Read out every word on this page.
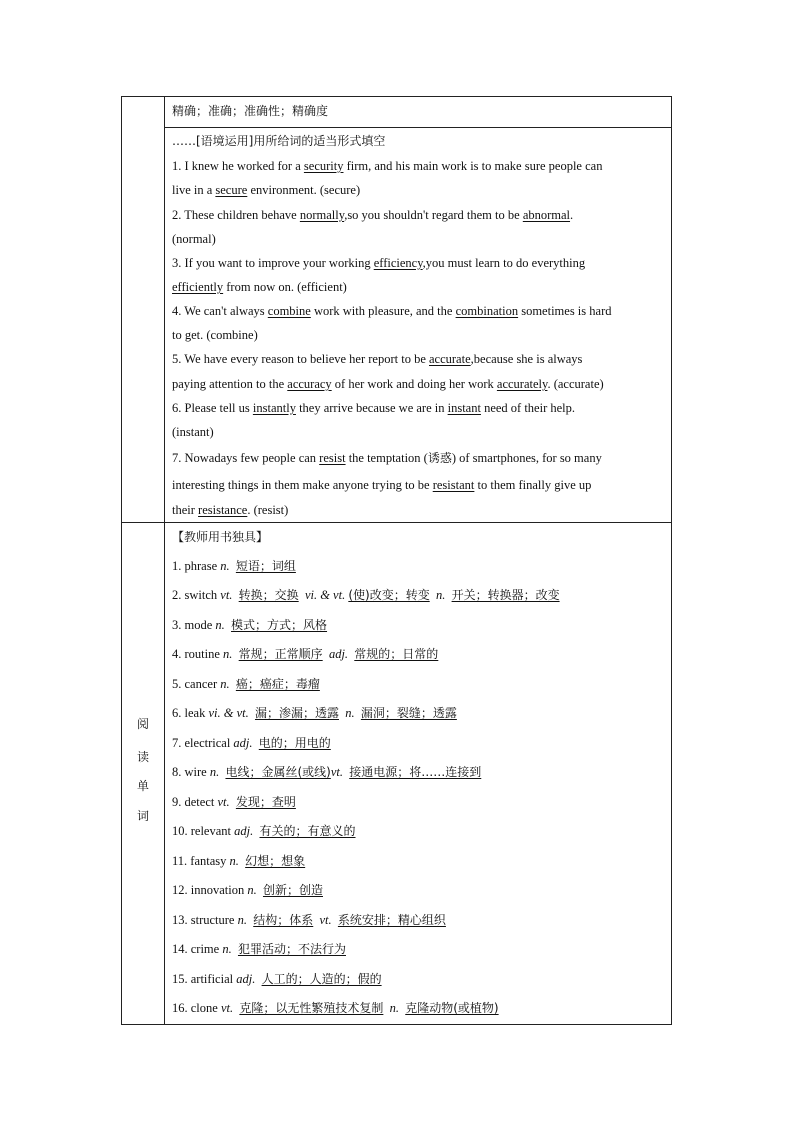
精确；准确；准确性；精确度
……[语境运用]用所给词的适当形式填空
1. I knew he worked for a security firm, and his main work is to make sure people can
live in a secure environment. (secure)
2. These children behave normally,so you shouldn't regard them to be abnormal.
(normal)
3. If you want to improve your working efficiency,you must learn to do everything
efficiently from now on. (efficient)
4. We can't always combine work with pleasure, and the combination sometimes is hard
to get. (combine)
5. We have every reason to believe her report to be accurate,because she is always
paying attention to the accuracy of her work and doing her work accurately. (accurate)
6. Please tell us instantly they arrive because we are in instant need of their help.
(instant)
7. Nowadays few people can resist the temptation (诱惑) of smartphones, for so many
interesting things in them make anyone trying to be resistant to them finally give up
their resistance. (resist)
阅
读
单
词
【教师用书独具】
1. phrase n. 短语；词组
2. switch vt. 转换；交换 vi. & vt. (使)改变；转变 n. 开关；转换器；改变
3. mode n. 模式；方式；风格
4. routine n. 常规；正常顺序 adj. 常规的；日常的
5. cancer n. 癌；癌症；毒瘤
6. leak vi. & vt. 漏；渗漏；透露 n. 漏洞；裂缝；透露
7. electrical adj. 电的；用电的
8. wire n. 电线；金属丝(或线)vt. 接通电源；将……连接到
9. detect vt. 发现；查明
10. relevant adj. 有关的；有意义的
11. fantasy n. 幻想；想象
12. innovation n. 创新；创造
13. structure n. 结构；体系 vt. 系统安排；精心组织
14. crime n. 犯罪活动；不法行为
15. artificial adj. 人工的；人造的；假的
16. clone vt. 克隆；以无性繁殖技术复制 n. 克隆动物(或植物)
